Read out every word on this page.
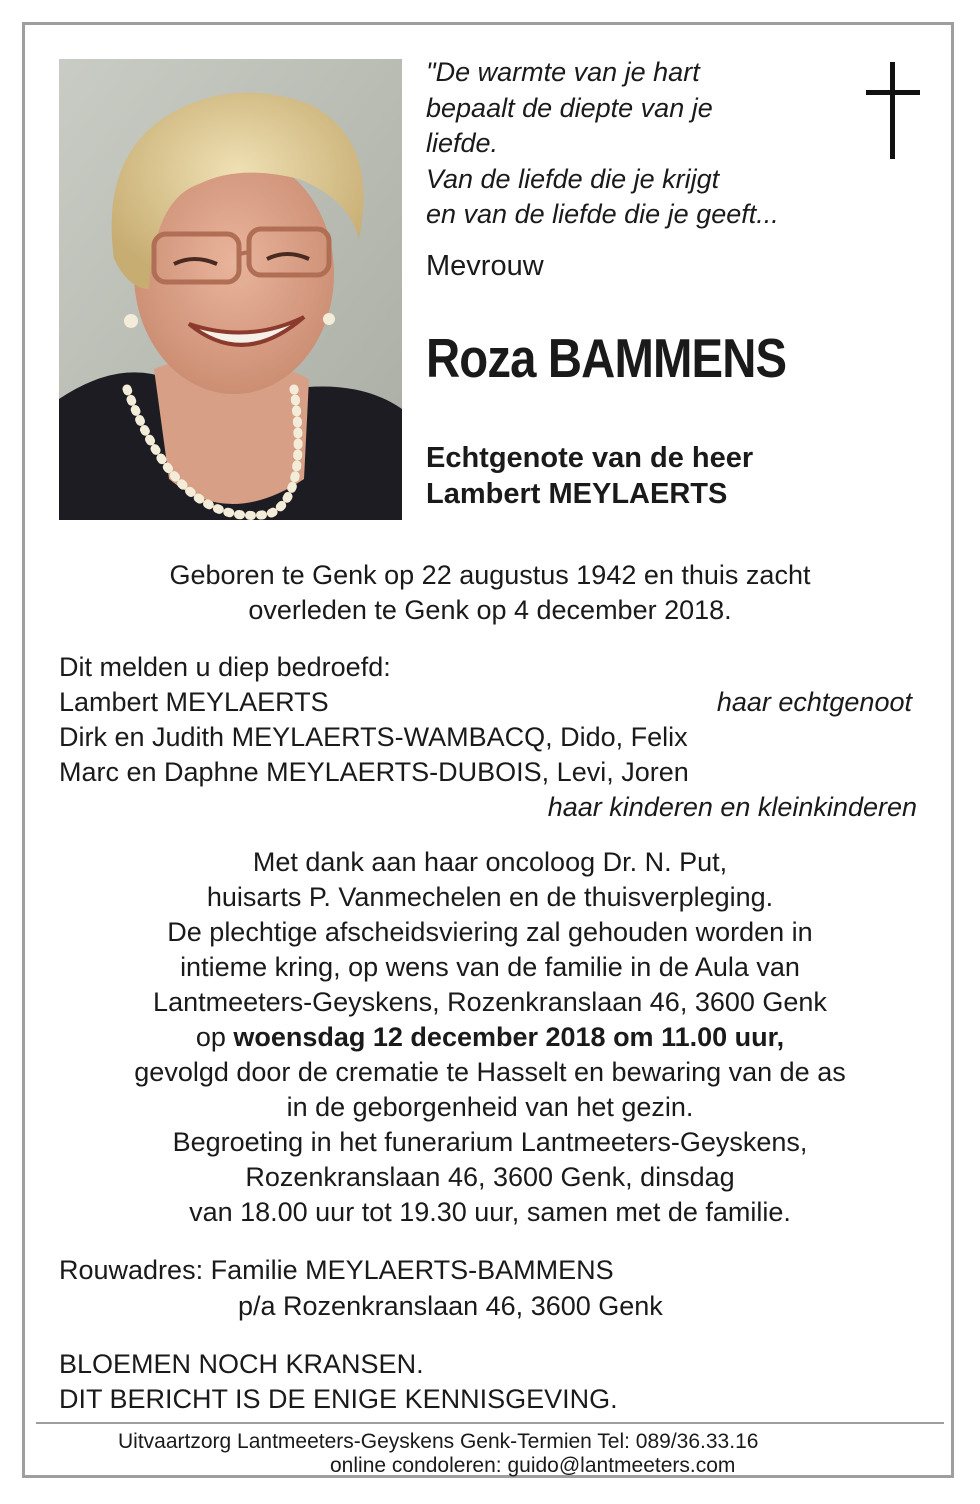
"De warmte van je hart
bepaalt de diepte van je
liefde.
Van de liefde die je krijgt
en van de liefde die je geeft...
Mevrouw
Roza BAMMENS
Echtgenote van de heer
Lambert MEYLAERTS
Geboren te Genk op 22 augustus 1942 en thuis zacht
overleden te Genk op 4 december 2018.
Dit melden u diep bedroefd:
Lambert MEYLAERTS	haar echtgenoot
Dirk en Judith MEYLAERTS-WAMBACQ, Dido, Felix
Marc en Daphne MEYLAERTS-DUBOIS, Levi, Joren
haar kinderen en kleinkinderen
Met dank aan haar oncoloog Dr. N. Put,
huisarts P. Vanmechelen en de thuisverpleging.
De plechtige afscheidsviering zal gehouden worden in
intieme kring, op wens van de familie in de Aula van
Lantmeeters-Geyskens, Rozenkranslaan 46, 3600 Genk
op woensdag 12 december 2018 om 11.00 uur,
gevolgd door de crematie te Hasselt en bewaring van de as
in de geborgenheid van het gezin.
Begroeting in het funerarium Lantmeeters-Geyskens,
Rozenkranslaan 46, 3600 Genk, dinsdag
van 18.00 uur tot 19.30 uur, samen met de familie.
Rouwadres: Familie MEYLAERTS-BAMMENS
p/a Rozenkranslaan 46, 3600 Genk
BLOEMEN NOCH KRANSEN.
DIT BERICHT IS DE ENIGE KENNISGEVING.
Uitvaartzorg Lantmeeters-Geyskens Genk-Termien Tel: 089/36.33.16
online condoleren: guido@lantmeeters.com
